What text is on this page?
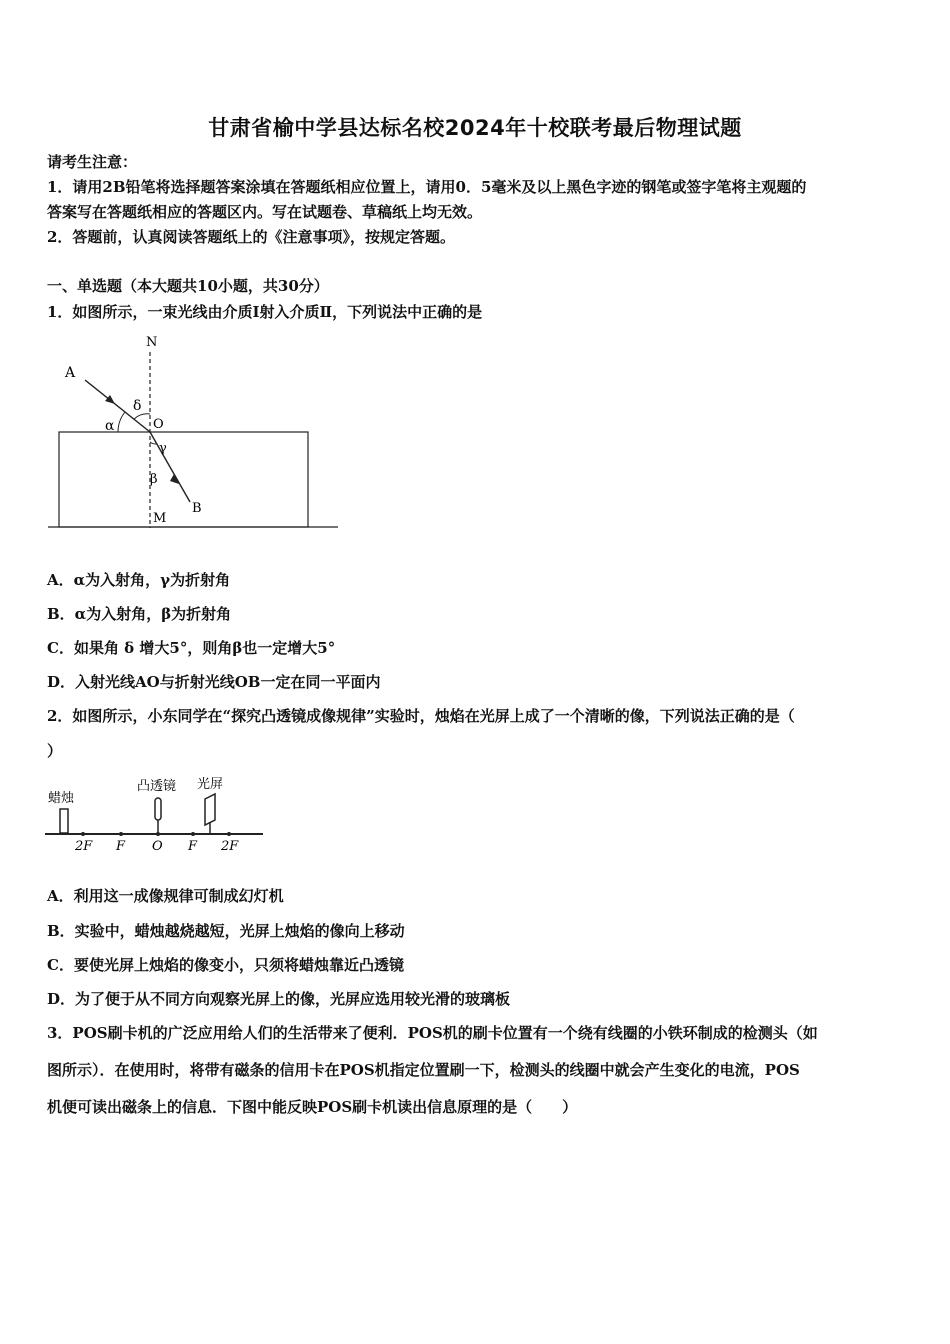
甘肃省榆中学县达标名校2024年十校联考最后物理试题
请考生注意：
1．请用2B铅笔将选择题答案涂填在答题纸相应位置上，请用0．5毫米及以上黑色字迹的钢笔或签字笔将主观题的
答案写在答题纸相应的答题区内。写在试题卷、草稿纸上均无效。
2．答题前，认真阅读答题纸上的《注意事项》，按规定答题。
一、单选题（本大题共10小题，共30分）
1．如图所示，一束光线由介质Ⅰ射入介质Ⅱ，下列说法中正确的是
N
A
δ
α	O
γ
β
B
M
A．α为入射角，γ为折射角
B．α为入射角，β为折射角
C．如果角 δ 增大5°，则角β也一定增大5°
D．入射光线AO与折射光线OB一定在同一平面内
2．如图所示，小东同学在“探究凸透镜成像规律”实验时，烛焰在光屏上成了一个清晰的像，下列说法正确的是（
）
蜡烛
凸透镜 光屏
2F F O F 2F
A．利用这一成像规律可制成幻灯机
B．实验中，蜡烛越烧越短，光屏上烛焰的像向上移动
C．要使光屏上烛焰的像变小，只须将蜡烛靠近凸透镜
D．为了便于从不同方向观察光屏上的像，光屏应选用较光滑的玻璃板
3．POS刷卡机的广泛应用给人们的生活带来了便利．POS机的刷卡位置有一个绕有线圈的小铁环制成的检测头（如
图所示）．在使用时，将带有磁条的信用卡在POS机指定位置刷一下，检测头的线圈中就会产生变化的电流，POS
机便可读出磁条上的信息．下图中能反映POS刷卡机读出信息原理的是（　　）
